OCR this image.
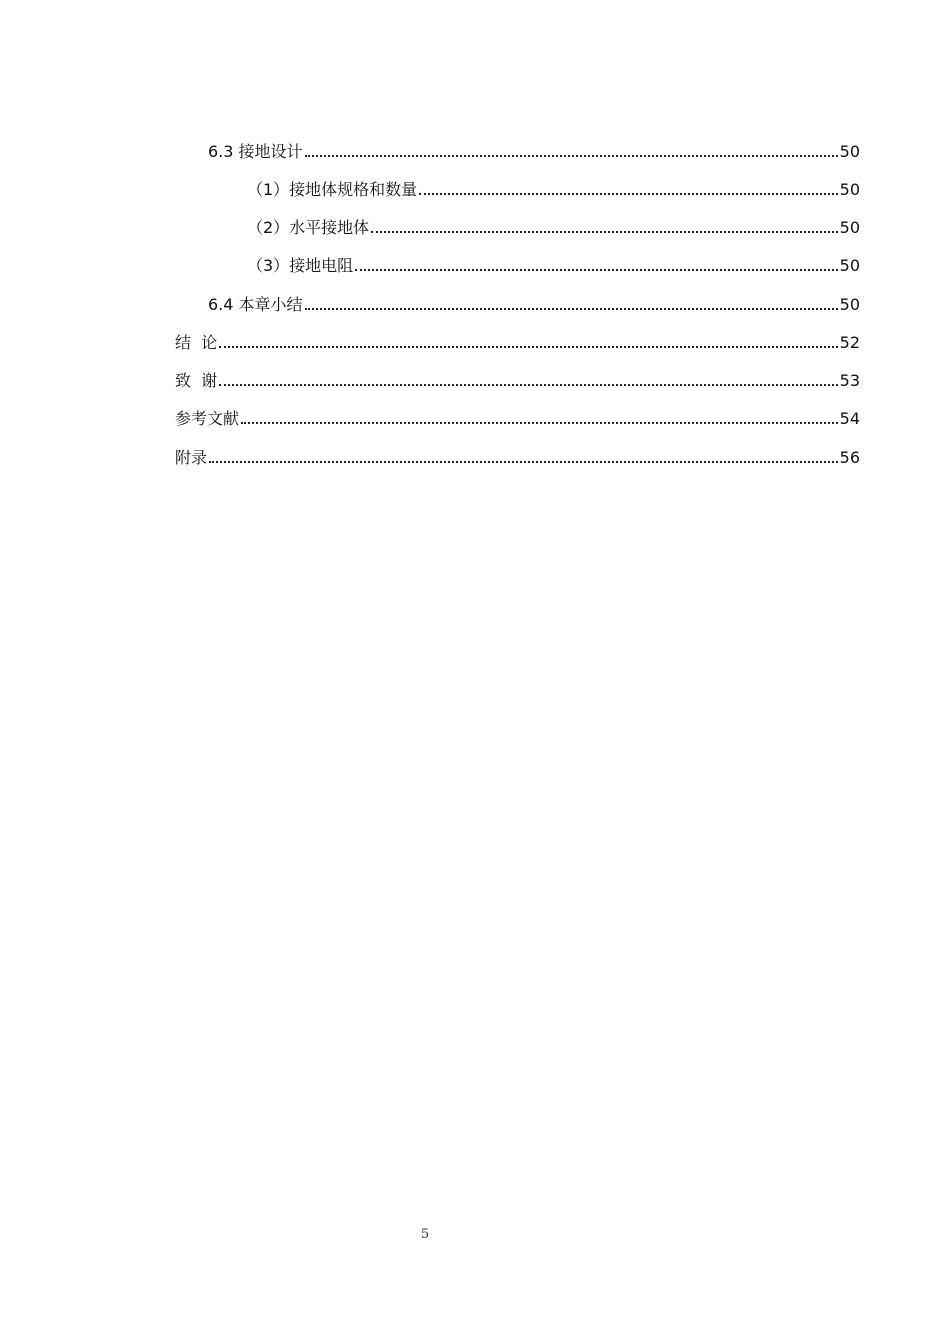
6.3 接地设计	50
（1）接地体规格和数量	50
（2）水平接地体	50
（3）接地电阻	50
6.4 本章小结	50
结  论	52
致  谢	53
参考文献	54
附录	56
5
